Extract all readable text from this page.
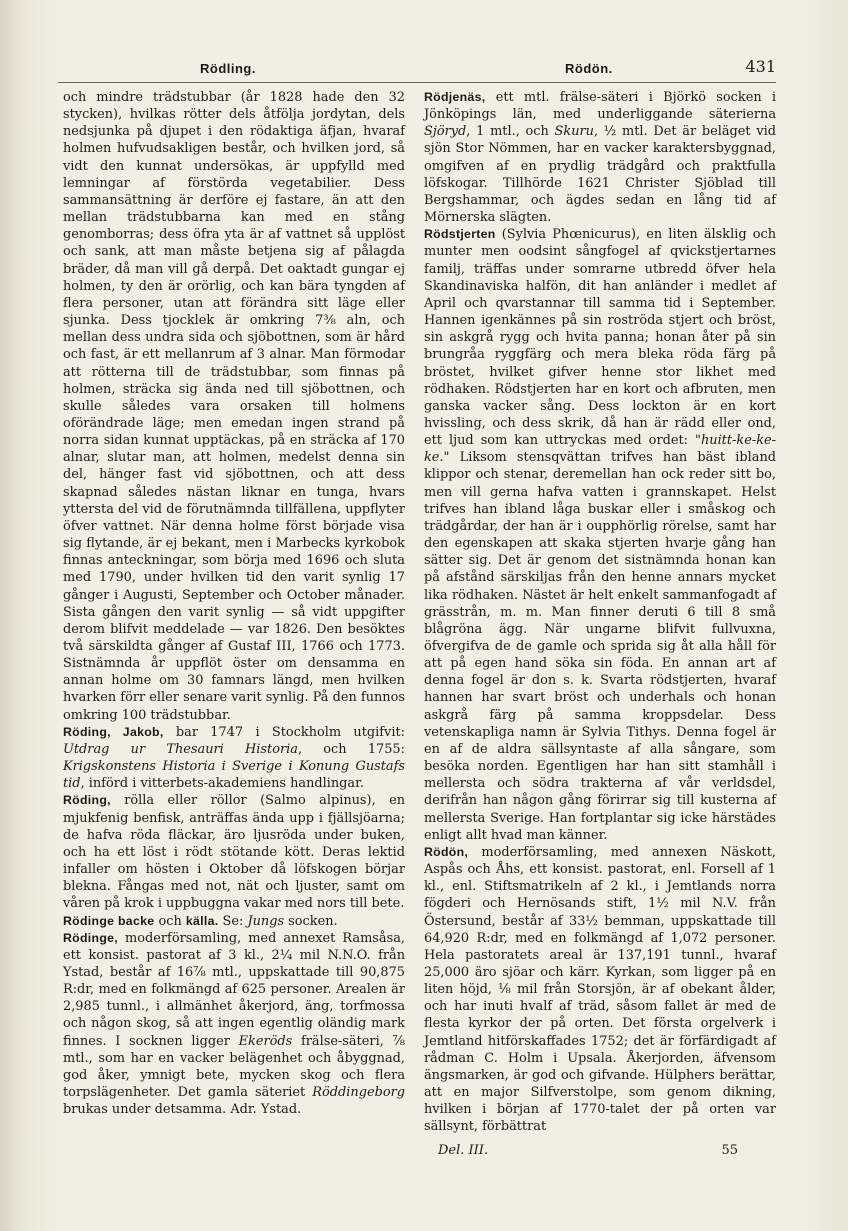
Rödling.	Rödön.	431

och mindre trädstubbar (år 1828 hade den 32 stycken), hvilkas rötter dels åtfölja jordytan, dels nedsjunka på djupet i den rödaktiga äfjan, hvaraf holmen hufvudsakligen består, och hvilken jord, så vidt den kunnat undersökas, är uppfylld med lemningar af förstörda vegetabilier. Dess sammansättning är derföre ej fastare, än att den mellan trädstubbarna kan med en stång genomborras; dess öfra yta är af vattnet så upplöst och sank, att man måste betjena sig af pålagda bräder, då man vill gå derpå. Det oaktadt gungar ej holmen, ty den är orörlig, och kan bära tyngden af flera personer, utan att förändra sitt läge eller sjunka. Dess tjocklek är omkring 7⅜ aln, och mellan dess undra sida och sjöbottnen, som är hård och fast, är ett mellanrum af 3 alnar. Man förmodar att rötterna till de trädstubbar, som finnas på holmen, sträcka sig ända ned till sjöbottnen, och skulle således vara orsaken till holmens oförändrade läge; men emedan ingen strand på norra sidan kunnat upptäckas, på en sträcka af 170 alnar, slutar man, att holmen, medelst denna sin del, hänger fast vid sjöbottnen, och att dess skapnad således nästan liknar en tunga, hvars yttersta del vid de förutnämnda tillfällena, uppflyter öfver vattnet. När denna holme först började visa sig flytande, är ej bekant, men i Marbecks kyrkobok finnas anteckningar, som börja med 1696 och sluta med 1790, under hvilken tid den varit synlig 17 gånger i Augusti, September och October månader. Sista gången den varit synlig — så vidt uppgifter derom blifvit meddelade — var 1826. Den besöktes två särskildta gånger af Gustaf III, 1766 och 1773. Sistnämnda år uppflöt öster om densamma en annan holme om 30 famnars längd, men hvilken hvarken förr eller senare varit synlig. På den funnos omkring 100 trädstubbar.

Röding, Jakob, bar 1747 i Stockholm utgifvit: Utdrag ur Thesauri Historia, och 1755: Krigskonstens Historia i Sverige i Konung Gustafs tid, införd i vitterbets-akademiens handlingar.

Röding, rölla eller röllor (Salmo alpinus), en mjukfenig benfisk, anträffas ända upp i fjällsjöarna; de hafva röda fläckar, äro ljusröda under buken, och ha ett löst i rödt stötande kött. Deras lektid infaller om hösten i Oktober då löfskogen börjar blekna. Fångas med not, nät och ljuster, samt om våren på krok i uppbuggna vakar med nors till bete.

Rödinge backe och källa. Se: Jungs socken.

Rödinge, moderförsamling, med annexet Ramsåsa, ett konsist. pastorat af 3 kl., 2¼ mil N.N.O. från Ystad, består af 16⅞ mtl., uppskattade till 90,875 R:dr, med en folkmängd af 625 personer. Arealen är 2,985 tunnl., i allmänhet åkerjord, äng, torfmossa och någon skog, så att ingen egentlig oländig mark finnes. I socknen ligger Ekeröds frälse-säteri, ⅞ mtl., som har en vacker belägenhet och åbyggnad, god åker, ymnigt bete, mycken skog och flera torpslägenheter. Det gamla säteriet Röddingeborg brukas under detsamma. Adr. Ystad.

Rödjenäs, ett mtl. frälse-säteri i Björkö socken i Jönköpings län, med underliggande säterierna Sjöryd, 1 mtl., och Skuru, ½ mtl. Det är beläget vid sjön Stor Nömmen, har en vacker karaktersbyggnad, omgifven af en prydlig trädgård och praktfulla löfskogar. Tillhörde 1621 Christer Sjöblad till Bergshammar, och ägdes sedan en lång tid af Mörnerska slägten.

Rödstjerten (Sylvia Phœnicurus), en liten älsklig och munter men oodsint sångfogel af qvickstjertarnes familj, träffas under somrarne utbredd öfver hela Skandinaviska halfön, dit han anländer i medlet af April och qvarstannar till samma tid i September. Hannen igenkännes på sin roströda stjert och bröst, sin askgrå rygg och hvita panna; honan åter på sin brungråa ryggfärg och mera bleka röda färg på bröstet, hvilket gifver henne stor likhet med rödhaken. Rödstjerten har en kort och afbruten, men ganska vacker sång. Dess lockton är en kort hvissling, och dess skrik, då han är rädd eller ond, ett ljud som kan uttryckas med ordet: "huitt-ke-ke-ke." Liksom stensqvättan trifves han bäst ibland klippor och stenar, deremellan han ock reder sitt bo, men vill gerna hafva vatten i grannskapet. Helst trifves han ibland låga buskar eller i småskog och trädgårdar, der han är i oupphörlig rörelse, samt har den egenskapen att skaka stjerten hvarje gång han sätter sig. Det är genom det sistnämnda honan kan på afstånd särskiljas från den henne annars mycket lika rödhaken. Nästet är helt enkelt sammanfogadt af grässtrån, m. m. Man finner deruti 6 till 8 små blågröna ägg. När ungarne blifvit fullvuxna, öfvergifva de de gamle och sprida sig åt alla håll för att på egen hand söka sin föda. En annan art af denna fogel är don s. k. Svarta rödstjerten, hvaraf hannen har svart bröst och underhals och honan askgrå färg på samma kroppsdelar. Dess vetenskapliga namn är Sylvia Tithys. Denna fogel är en af de aldra sällsyntaste af alla sångare, som besöka norden. Egentligen har han sitt stamhåll i mellersta och södra trakterna af vår verldsdel, derifrån han någon gång förirrar sig till kusterna af mellersta Sverige. Han fortplantar sig icke härstädes enligt allt hvad man känner.

Rödön, moderförsamling, med annexen Näskott, Aspås och Åhs, ett konsist. pastorat, enl. Forsell af 1 kl., enl. Stiftsmatrikeln af 2 kl., i Jemtlands norra fögderi och Hernösands stift, 1½ mil N.V. från Östersund, består af 33½ bemman, uppskattade till 64,920 R:dr, med en folkmängd af 1,072 personer. Hela pastoratets areal är 137,191 tunnl., hvaraf 25,000 äro sjöar och kärr. Kyrkan, som ligger på en liten höjd, ⅛ mil från Storsjön, är af obekant ålder, och har inuti hvalf af träd, såsom fallet är med de flesta kyrkor der på orten. Det första orgelverk i Jemtland hitförskaffades 1752; det är förfärdigadt af rådman C. Holm i Upsala. Åkerjorden, äfvensom ängsmarken, är god och gifvande. Hülphers berättar, att en major Silfverstolpe, som genom dikning, hvilken i början af 1770-talet der på orten var sällsynt, förbättrat

Del. III.	55
